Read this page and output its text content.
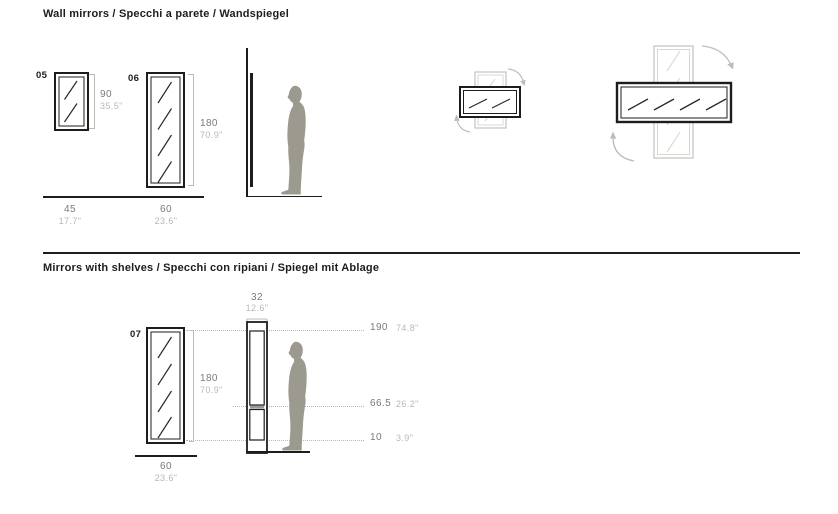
Wall mirrors / Specchi a parete / Wandspiegel
05
90
35.5"
06
180
70.9"
45
17.7"
60
23.6"
Mirrors with shelves / Specchi con ripiani / Spiegel mit Ablage
07
180
70.9"
60
23.6"
32
12.6"
190 74.8"
66.5 26.2"
10 3.9"
